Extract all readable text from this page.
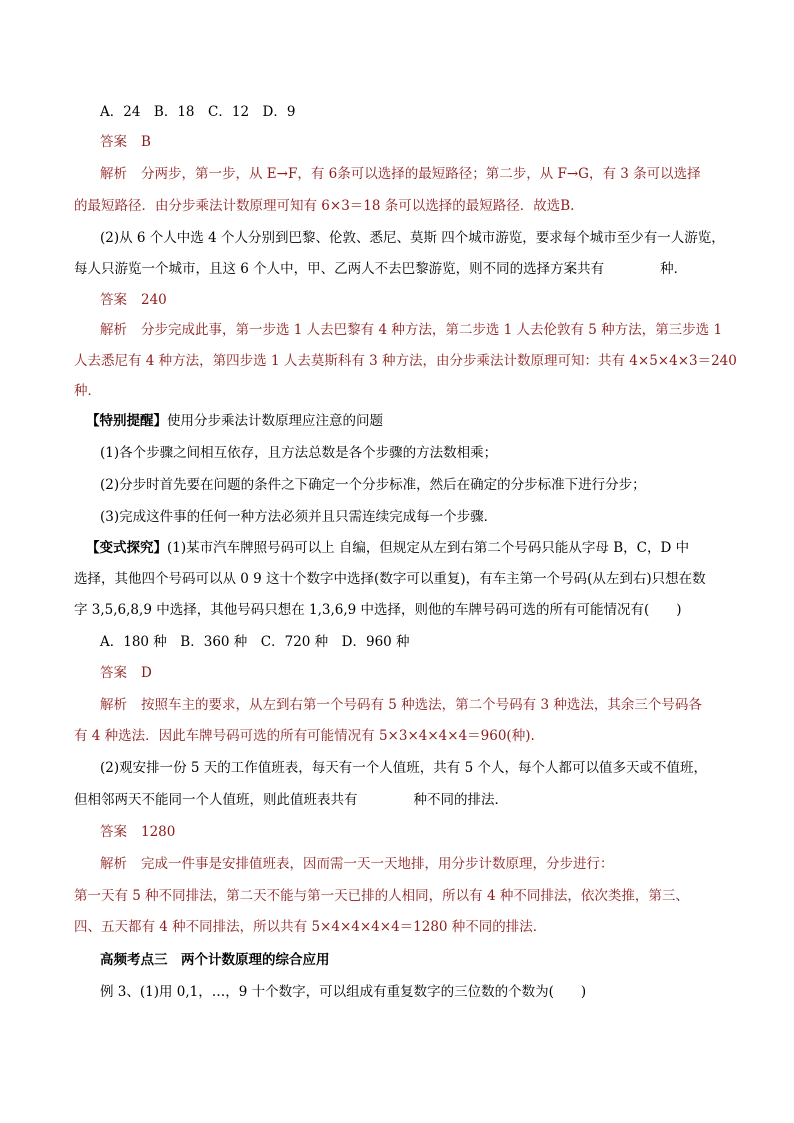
A．24　B．18　C．12　D．9
答案 B
解析 分两步，第一步，从 E→F，有 6条可以选择的最短路径；第二步，从 F→G，有 3 条可以选择
的最短路径．由分步乘法计数原理可知有 6×3＝18 条可以选择的最短路径．故选B.
(2)从 6 个人中选 4 个人分别到巴黎、伦敦、悉尼、莫斯 四个城市游览，要求每个城市至少有一人游览，
每人只游览一个城市，且这 6 个人中，甲、乙两人不去巴黎游览，则不同的选择方案共有	种．
答案 240
解析 分步完成此事，第一步选 1 人去巴黎有 4 种方法，第二步选 1 人去伦敦有 5 种方法，第三步选 1
人去悉尼有 4 种方法，第四步选 1 人去莫斯科有 3 种方法，由分步乘法计数原理可知：共有 4×5×4×3＝240
种．
【特别提醒】使用分步乘法计数原理应注意的问题
(1)各个步骤之间相互依存，且方法总数是各个步骤的方法数相乘；
(2)分步时首先要在问题的条件之下确定一个分步标准，然后在确定的分步标准下进行分步；
(3)完成这件事的任何一种方法必须并且只需连续完成每一个步骤．
【变式探究】(1)某市汽车牌照号码可以上 自编，但规定从左到右第二个号码只能从字母 B，C，D 中
选择，其他四个号码可以从 0 9 这十个数字中选择(数字可以重复)，有车主第一个号码(从左到右)只想在数
字 3,5,6,8,9 中选择，其他号码只想在 1,3,6,9 中选择，则他的车牌号码可选的所有可能情况有(　　)
A．180 种　B．360 种　C．720 种　D．960 种
答案 D
解析 按照车主的要求，从左到右第一个号码有 5 种选法，第二个号码有 3 种选法，其余三个号码各
有 4 种选法．因此车牌号码可选的所有可能情况有 5×3×4×4×4＝960(种).
(2)观安排一份 5 天的工作值班表，每天有一个人值班，共有 5 个人，每个人都可以值多天或不值班，
但相邻两天不能同一个人值班，则此值班表共有	种不同的排法．
答案 1280
解析 完成一件事是安排值班表，因而需一天一天地排，用分步计数原理，分步进行：
第一天有 5 种不同排法，第二天不能与第一天已排的人相同，所以有 4 种不同排法，依次类推，第三、
四、五天都有 4 种不同排法，所以共有 5×4×4×4×4＝1280 种不同的排法．
高频考点三　两个计数原理的综合应用
例 3、(1)用 0,1，…，9 十个数字，可以组成有重复数字的三位数的个数为(　　)
